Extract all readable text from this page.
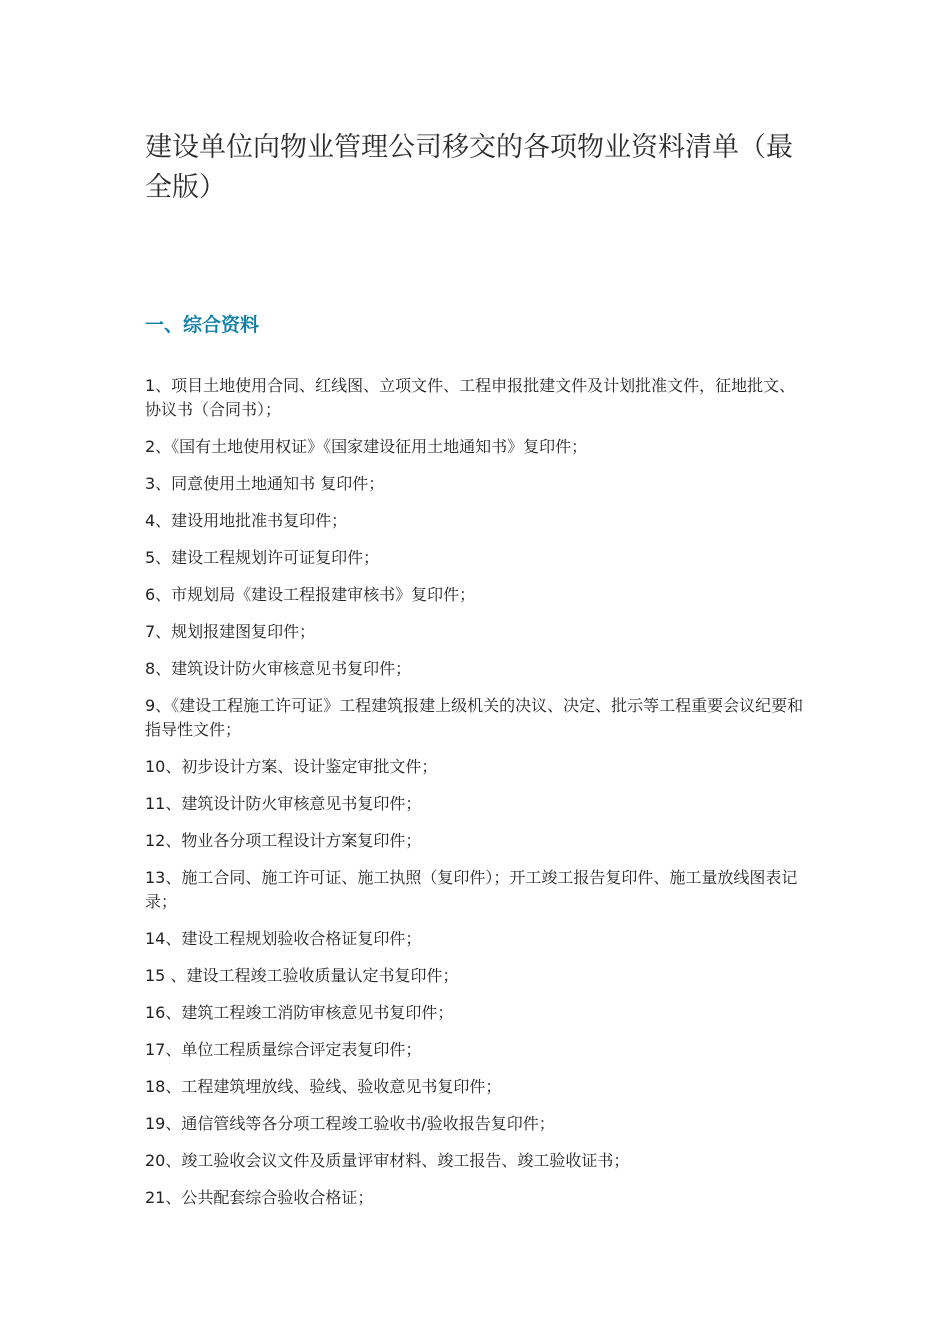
建设单位向物业管理公司移交的各项物业资料清单（最全版）
一、综合资料
1、项目土地使用合同、红线图、立项文件、工程申报批建文件及计划批准文件，征地批文、协议书（合同书）；
2、《国有土地使用权证》《国家建设征用土地通知书》复印件；
3、同意使用土地通知书 复印件；
4、建设用地批准书复印件；
5、建设工程规划许可证复印件；
6、市规划局《建设工程报建审核书》复印件；
7、规划报建图复印件；
8、建筑设计防火审核意见书复印件；
9、《建设工程施工许可证》工程建筑报建上级机关的决议、决定、批示等工程重要会议纪要和指导性文件；
10、初步设计方案、设计鉴定审批文件；
11、建筑设计防火审核意见书复印件；
12、物业各分项工程设计方案复印件；
13、施工合同、施工许可证、施工执照（复印件）；开工竣工报告复印件、施工量放线图表记录；
14、建设工程规划验收合格证复印件；
15 、建设工程竣工验收质量认定书复印件；
16、建筑工程竣工消防审核意见书复印件；
17、单位工程质量综合评定表复印件；
18、工程建筑埋放线、验线、验收意见书复印件；
19、通信管线等各分项工程竣工验收书/验收报告复印件；
20、竣工验收会议文件及质量评审材料、竣工报告、竣工验收证书；
21、公共配套综合验收合格证；
